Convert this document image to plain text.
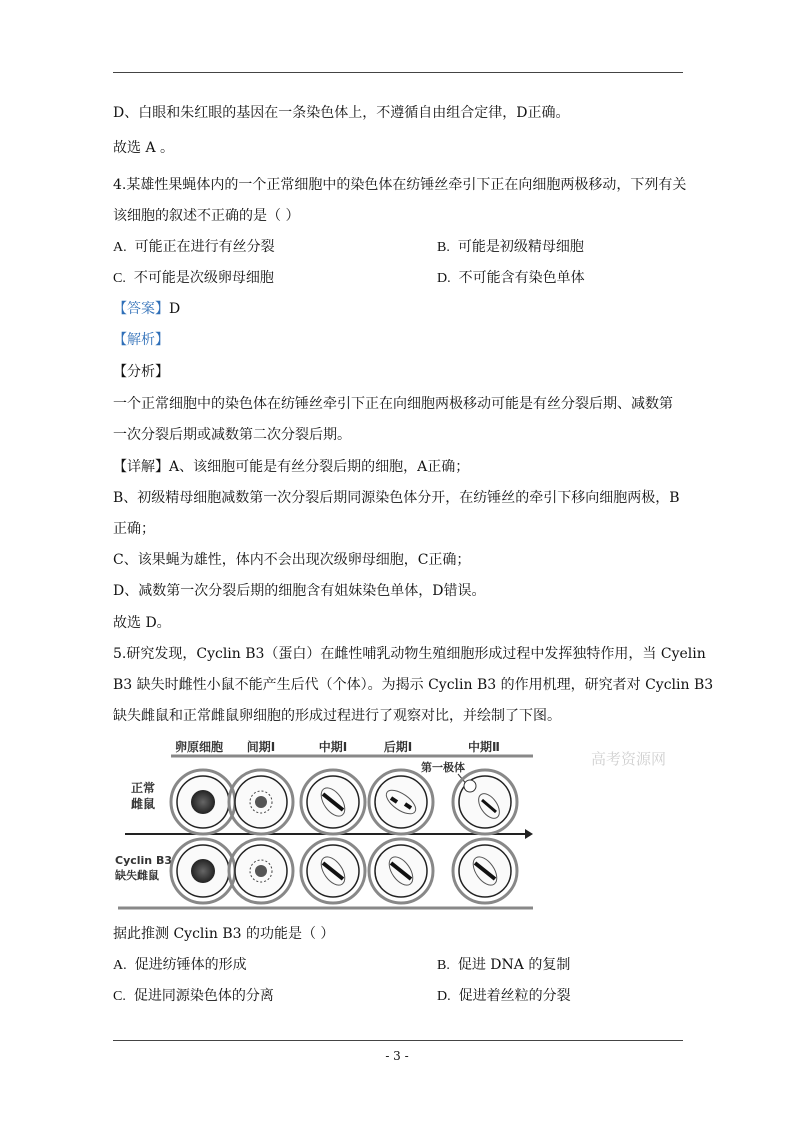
D、白眼和朱红眼的基因在一条染色体上，不遵循自由组合定律，D正确。
故选 A 。
4.某雄性果蝇体内的一个正常细胞中的染色体在纺锤丝牵引下正在向细胞两极移动，下列有关
该细胞的叙述不正确的是（ ）
A. 可能正在进行有丝分裂	B. 可能是初级精母细胞
C. 不可能是次级卵母细胞	D. 不可能含有染色单体
【答案】D
【解析】
【分析】
一个正常细胞中的染色体在纺锤丝牵引下正在向细胞两极移动可能是有丝分裂后期、减数第
一次分裂后期或减数第二次分裂后期。
【详解】A、该细胞可能是有丝分裂后期的细胞，A正确；
B、初级精母细胞减数第一次分裂后期同源染色体分开，在纺锤丝的牵引下移向细胞两极，B
正确；
C、该果蝇为雄性，体内不会出现次级卵母细胞，C正确；
D、减数第一次分裂后期的细胞含有姐妹染色单体，D错误。
故选 D。
5.研究发现，Cyclin B3（蛋白）在雌性哺乳动物生殖细胞形成过程中发挥独特作用，当 Cyelin
B3 缺失时雌性小鼠不能产生后代（个体）。为揭示 Cyclin B3 的作用机理，研究者对 Cyclin B3
缺失雌鼠和正常雌鼠卵细胞的形成过程进行了观察对比，并绘制了下图。
卵原细胞 间期Ⅰ	中期Ⅰ	后期Ⅰ	中期Ⅱ
正常
雌鼠
Cyclin B3
缺失雌鼠
第一极体	高考资源网
据此推测 Cyclin B3 的功能是（ ）
A. 促进纺锤体的形成	B. 促进 DNA 的复制
C. 促进同源染色体的分离	D. 促进着丝粒的分裂
- 3 -
